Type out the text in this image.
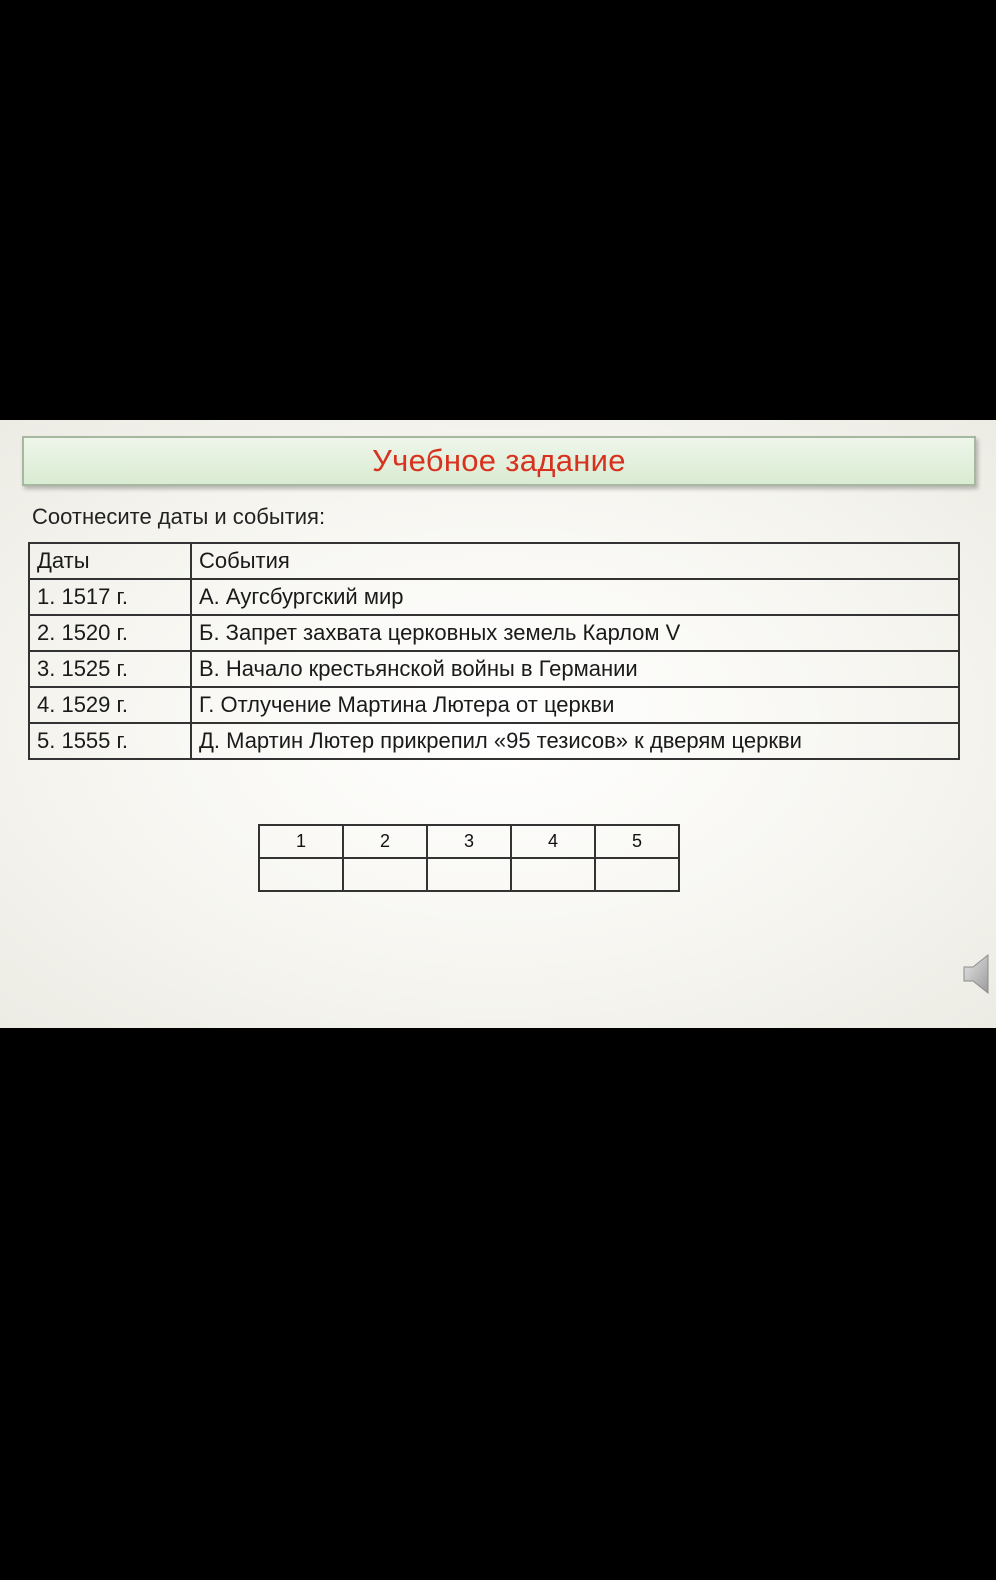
Учебное задание
Соотнесите даты и события:
Даты	События
1. 1517 г.	А. Аугсбургский мир
2. 1520 г.	Б. Запрет захвата церковных земель Карлом V
3. 1525 г.	В. Начало крестьянской войны в Германии
4. 1529 г.	Г. Отлучение Мартина Лютера от церкви
5. 1555 г.	Д. Мартин Лютер прикрепил «95 тезисов» к дверям церкви
1	2	3	4	5
